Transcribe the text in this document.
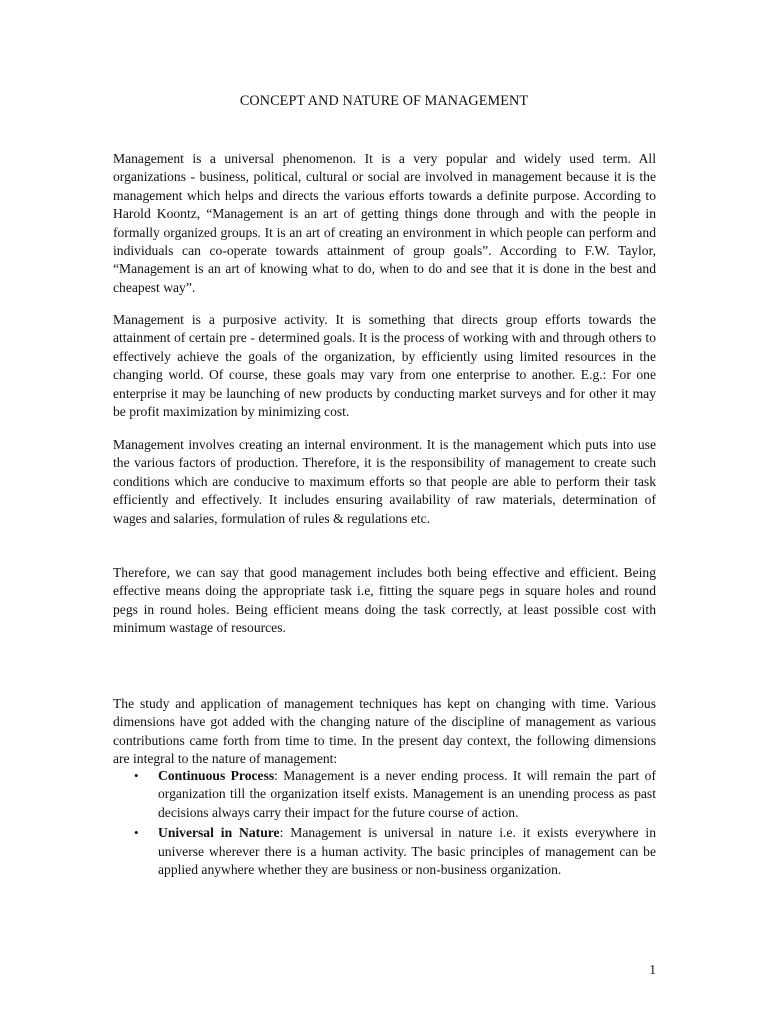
CONCEPT AND NATURE OF MANAGEMENT

Management is a universal phenomenon. It is a very popular and widely used term. All organizations - business, political, cultural or social are involved in management because it is the management which helps and directs the various efforts towards a definite purpose. According to Harold Koontz, “Management is an art of getting things done through and with the people in formally organized groups. It is an art of creating an environment in which people can perform and individuals can co-operate towards attainment of group goals”. According to F.W. Taylor, “Management is an art of knowing what to do, when to do and see that it is done in the best and cheapest way”.

Management is a purposive activity. It is something that directs group efforts towards the attainment of certain pre - determined goals. It is the process of working with and through others to effectively achieve the goals of the organization, by efficiently using limited resources in the changing world. Of course, these goals may vary from one enterprise to another. E.g.: For one enterprise it may be launching of new products by conducting market surveys and for other it may be profit maximization by minimizing cost.

Management involves creating an internal environment. It is the management which puts into use the various factors of production. Therefore, it is the responsibility of management to create such conditions which are conducive to maximum efforts so that people are able to perform their task efficiently and effectively. It includes ensuring availability of raw materials, determination of wages and salaries, formulation of rules & regulations etc.

Therefore, we can say that good management includes both being effective and efficient. Being effective means doing the appropriate task i.e, fitting the square pegs in square holes and round pegs in round holes. Being efficient means doing the task correctly, at least possible cost with minimum wastage of resources.

The study and application of management techniques has kept on changing with time. Various dimensions have got added with the changing nature of the discipline of management as various contributions came forth from time to time. In the present day context, the following dimensions are integral to the nature of management:

• Continuous Process: Management is a never ending process. It will remain the part of organization till the organization itself exists. Management is an unending process as past decisions always carry their impact for the future course of action.
• Universal in Nature: Management is universal in nature i.e. it exists everywhere in universe wherever there is a human activity. The basic principles of management can be applied anywhere whether they are business or non-business organization.
1
